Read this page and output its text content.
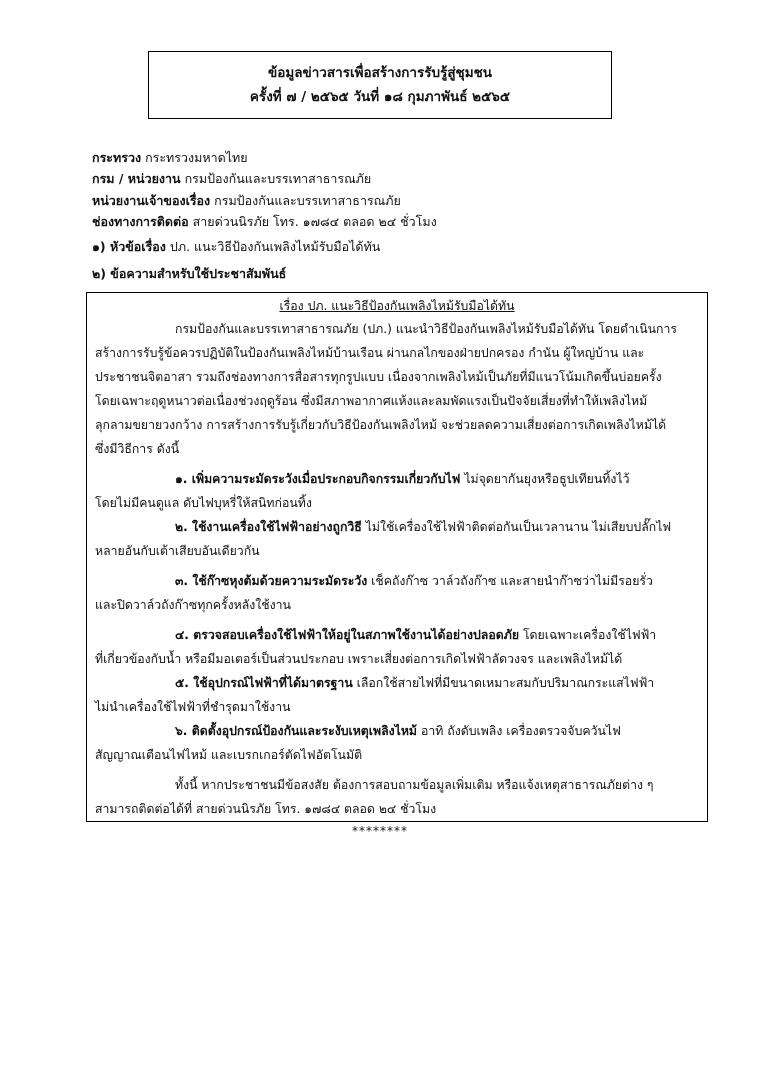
ข้อมูลข่าวสารเพื่อสร้างการรับรู้สู่ชุมชน
ครั้งที่ ๗ / ๒๕๖๕ วันที่ ๑๘ กุมภาพันธ์ ๒๕๖๕
กระทรวง กระทรวงมหาดไทย
กรม / หน่วยงาน กรมป้องกันและบรรเทาสาธารณภัย
หน่วยงานเจ้าของเรื่อง กรมป้องกันและบรรเทาสาธารณภัย
ช่องทางการติดต่อ สายด่วนนิรภัย โทร. ๑๗๘๔ ตลอด ๒๔ ชั่วโมง
๑) หัวข้อเรื่อง ปภ. แนะวิธีป้องกันเพลิงไหม้รับมือได้ทัน
๒) ข้อความสำหรับใช้ประชาสัมพันธ์
เรื่อง ปภ. แนะวิธีป้องกันเพลิงไหม้รับมือได้ทัน
กรมป้องกันและบรรเทาสาธารณภัย (ปภ.) แนะนำวิธีป้องกันเพลิงไหม้รับมือได้ทัน โดยดำเนินการ
สร้างการรับรู้ข้อควรปฏิบัติในป้องกันเพลิงไหม้บ้านเรือน ผ่านกลไกของฝ่ายปกครอง กำนัน ผู้ใหญ่บ้าน และ
ประชาชนจิตอาสา รวมถึงช่องทางการสื่อสารทุกรูปแบบ เนื่องจากเพลิงไหม้เป็นภัยที่มีแนวโน้มเกิดขึ้นบ่อยครั้ง
โดยเฉพาะฤดูหนาวต่อเนื่องช่วงฤดูร้อน ซึ่งมีสภาพอากาศแห้งและลมพัดแรงเป็นปัจจัยเสี่ยงที่ทำให้เพลิงไหม้
ลุกลามขยายวงกว้าง การสร้างการรับรู้เกี่ยวกับวิธีป้องกันเพลิงไหม้ จะช่วยลดความเสี่ยงต่อการเกิดเพลิงไหม้ได้
ซึ่งมีวิธีการ ดังนี้
๑. เพิ่มความระมัดระวังเมื่อประกอบกิจกรรมเกี่ยวกับไฟ ไม่จุดยากันยุงหรือธูปเทียนทิ้งไว้
โดยไม่มีคนดูแล ดับไฟบุหรี่ให้สนิทก่อนทิ้ง
๒. ใช้งานเครื่องใช้ไฟฟ้าอย่างถูกวิธี ไม่ใช้เครื่องใช้ไฟฟ้าติดต่อกันเป็นเวลานาน ไม่เสียบปลั๊กไฟ
หลายอันกับเต้าเสียบอันเดียวกัน
๓. ใช้ก๊าซหุงต้มด้วยความระมัดระวัง เช็คถังก๊าซ วาล์วถังก๊าซ และสายนำก๊าซว่าไม่มีรอยรั่ว
และปิดวาล์วถังก๊าซทุกครั้งหลังใช้งาน
๔. ตรวจสอบเครื่องใช้ไฟฟ้าให้อยู่ในสภาพใช้งานได้อย่างปลอดภัย โดยเฉพาะเครื่องใช้ไฟฟ้า
ที่เกี่ยวข้องกับน้ำ หรือมีมอเตอร์เป็นส่วนประกอบ เพราะเสี่ยงต่อการเกิดไฟฟ้าลัดวงจร และเพลิงไหม้ได้
๕. ใช้อุปกรณ์ไฟฟ้าที่ได้มาตรฐาน เลือกใช้สายไฟที่มีขนาดเหมาะสมกับปริมาณกระแสไฟฟ้า
ไม่นำเครื่องใช้ไฟฟ้าที่ชำรุดมาใช้งาน
๖. ติดตั้งอุปกรณ์ป้องกันและระงับเหตุเพลิงไหม้ อาทิ ถังดับเพลิง เครื่องตรวจจับควันไฟ
สัญญาณเตือนไฟไหม้ และเบรกเกอร์ตัดไฟอัตโนมัติ
ทั้งนี้ หากประชาชนมีข้อสงสัย ต้องการสอบถามข้อมูลเพิ่มเติม หรือแจ้งเหตุสาธารณภัยต่าง ๆ
สามารถติดต่อได้ที่ สายด่วนนิรภัย โทร. ๑๗๘๔ ตลอด ๒๔ ชั่วโมง
********
